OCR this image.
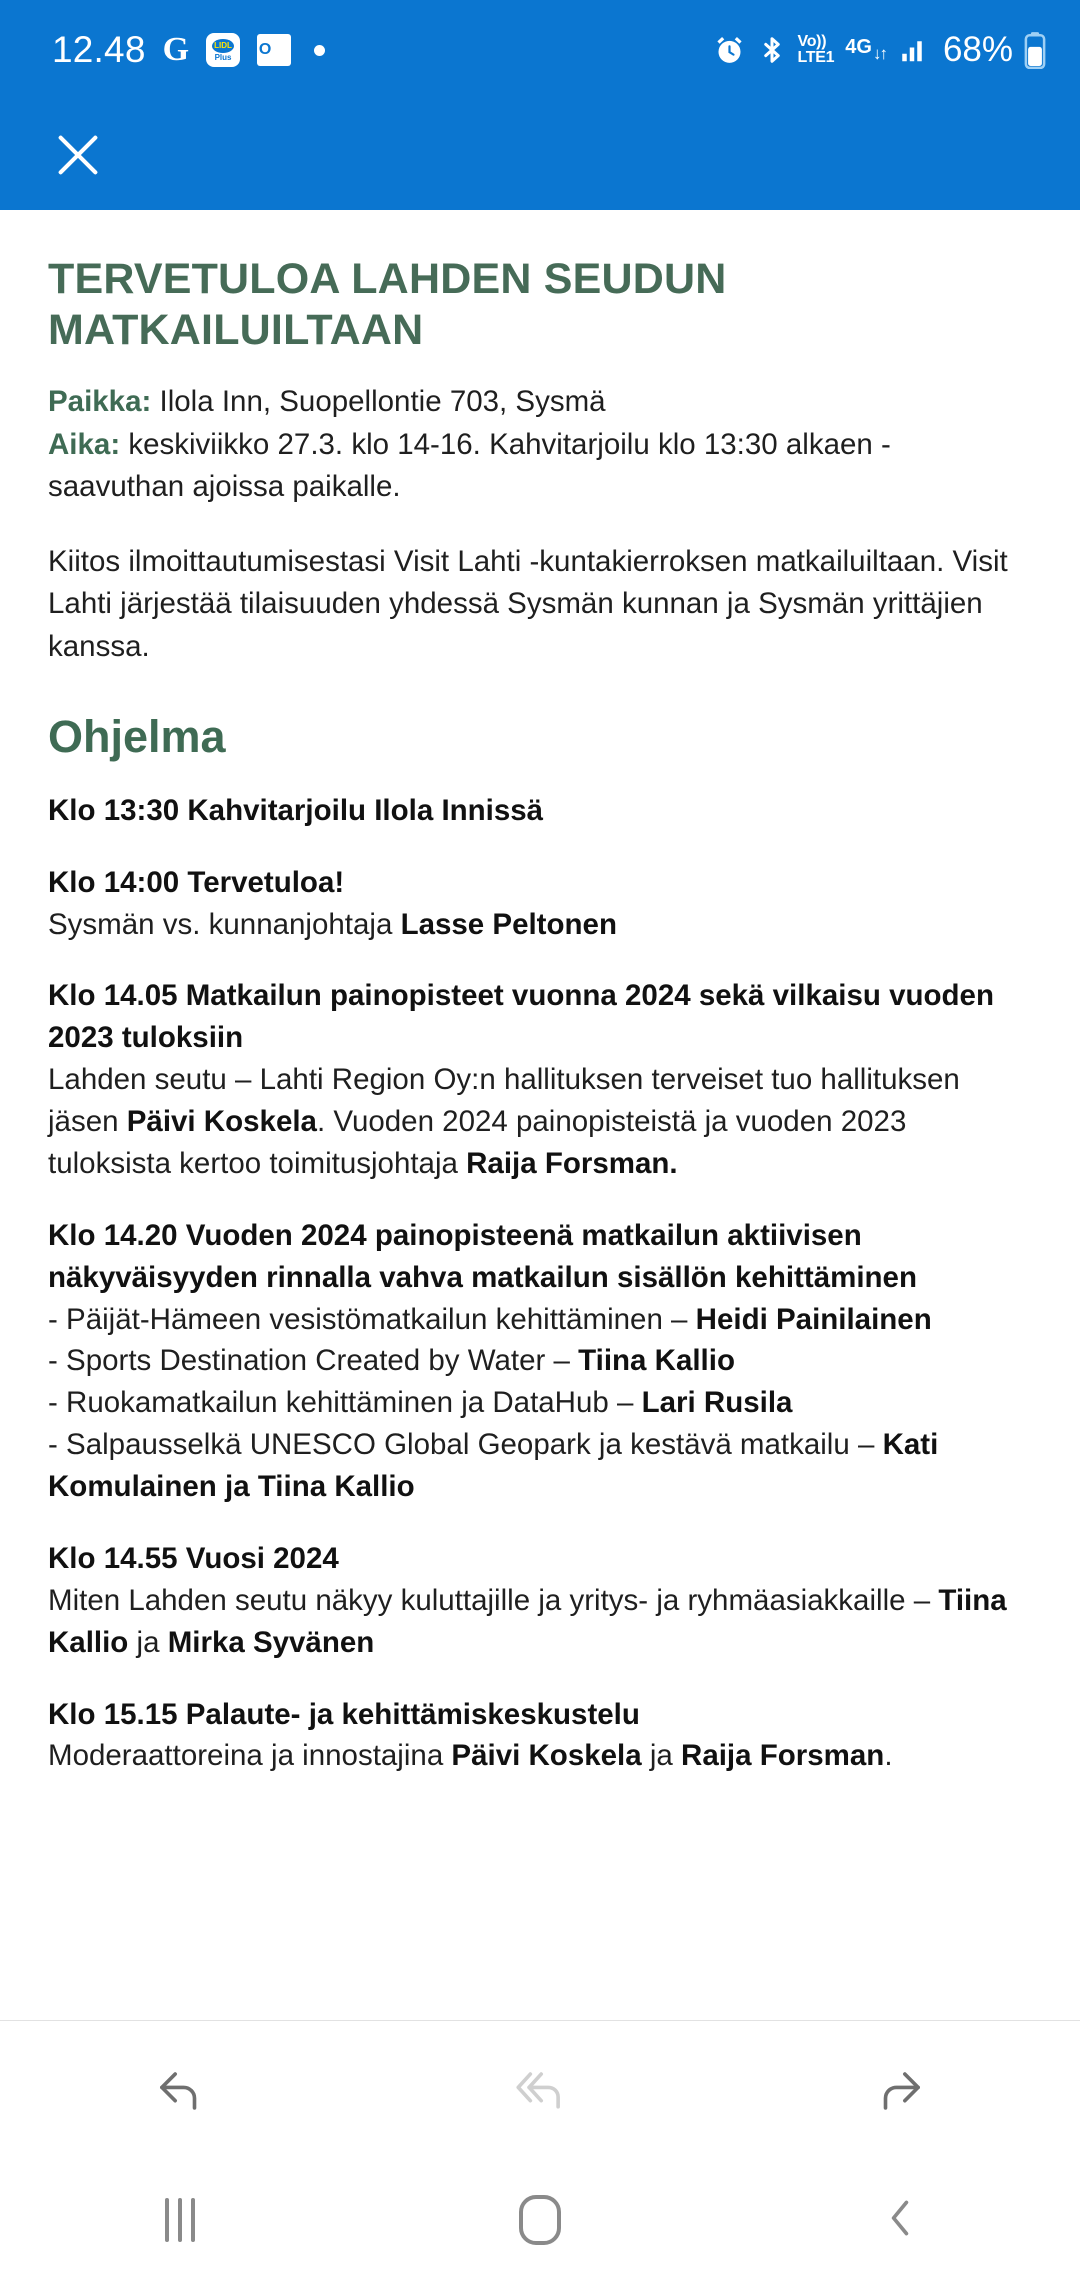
12.48 G	LIDL
Plus O	Vo))
LTE1 4G ↓↑ 68%
TERVETULOA LAHDEN SEUDUN MATKAILUILTAAN

Paikka: Ilola Inn, Suopellontie 703, Sysmä

Aika: keskiviikko 27.3. klo 14-16. Kahvitarjoilu klo 13:30 alkaen - saavuthan ajoissa paikalle.

Kiitos ilmoittautumisestasi Visit Lahti -kuntakierroksen matkailuiltaan. Visit Lahti järjestää tilaisuuden yhdessä Sysmän kunnan ja Sysmän yrittäjien kanssa.

Ohjelma
Klo 13:30 Kahvitarjoilu Ilola Innissä
Klo 14:00 Tervetuloa!
Sysmän vs. kunnanjohtaja Lasse Peltonen
Klo 14.05 Matkailun painopisteet vuonna 2024 sekä vilkaisu vuoden 2023 tuloksiin
Lahden seutu – Lahti Region Oy:n hallituksen terveiset tuo hallituksen jäsen Päivi Koskela. Vuoden 2024 painopisteistä ja vuoden 2023 tuloksista kertoo toimitusjohtaja Raija Forsman.
Klo 14.20 Vuoden 2024 painopisteenä matkailun aktiivisen näkyväisyyden rinnalla vahva matkailun sisällön kehittäminen
- Päijät-Hämeen vesistömatkailun kehittäminen – Heidi Painilainen
- Sports Destination Created by Water – Tiina Kallio
- Ruokamatkailun kehittäminen ja DataHub – Lari Rusila
- Salpausselkä UNESCO Global Geopark ja kestävä matkailu – Kati Komulainen ja Tiina Kallio
Klo 14.55 Vuosi 2024
Miten Lahden seutu näkyy kuluttajille ja yritys- ja ryhmäasiakkaille – Tiina Kallio ja Mirka Syvänen
Klo 15.15 Palaute- ja kehittämiskeskustelu
Moderaattoreina ja innostajina Päivi Koskela ja Raija Forsman.
